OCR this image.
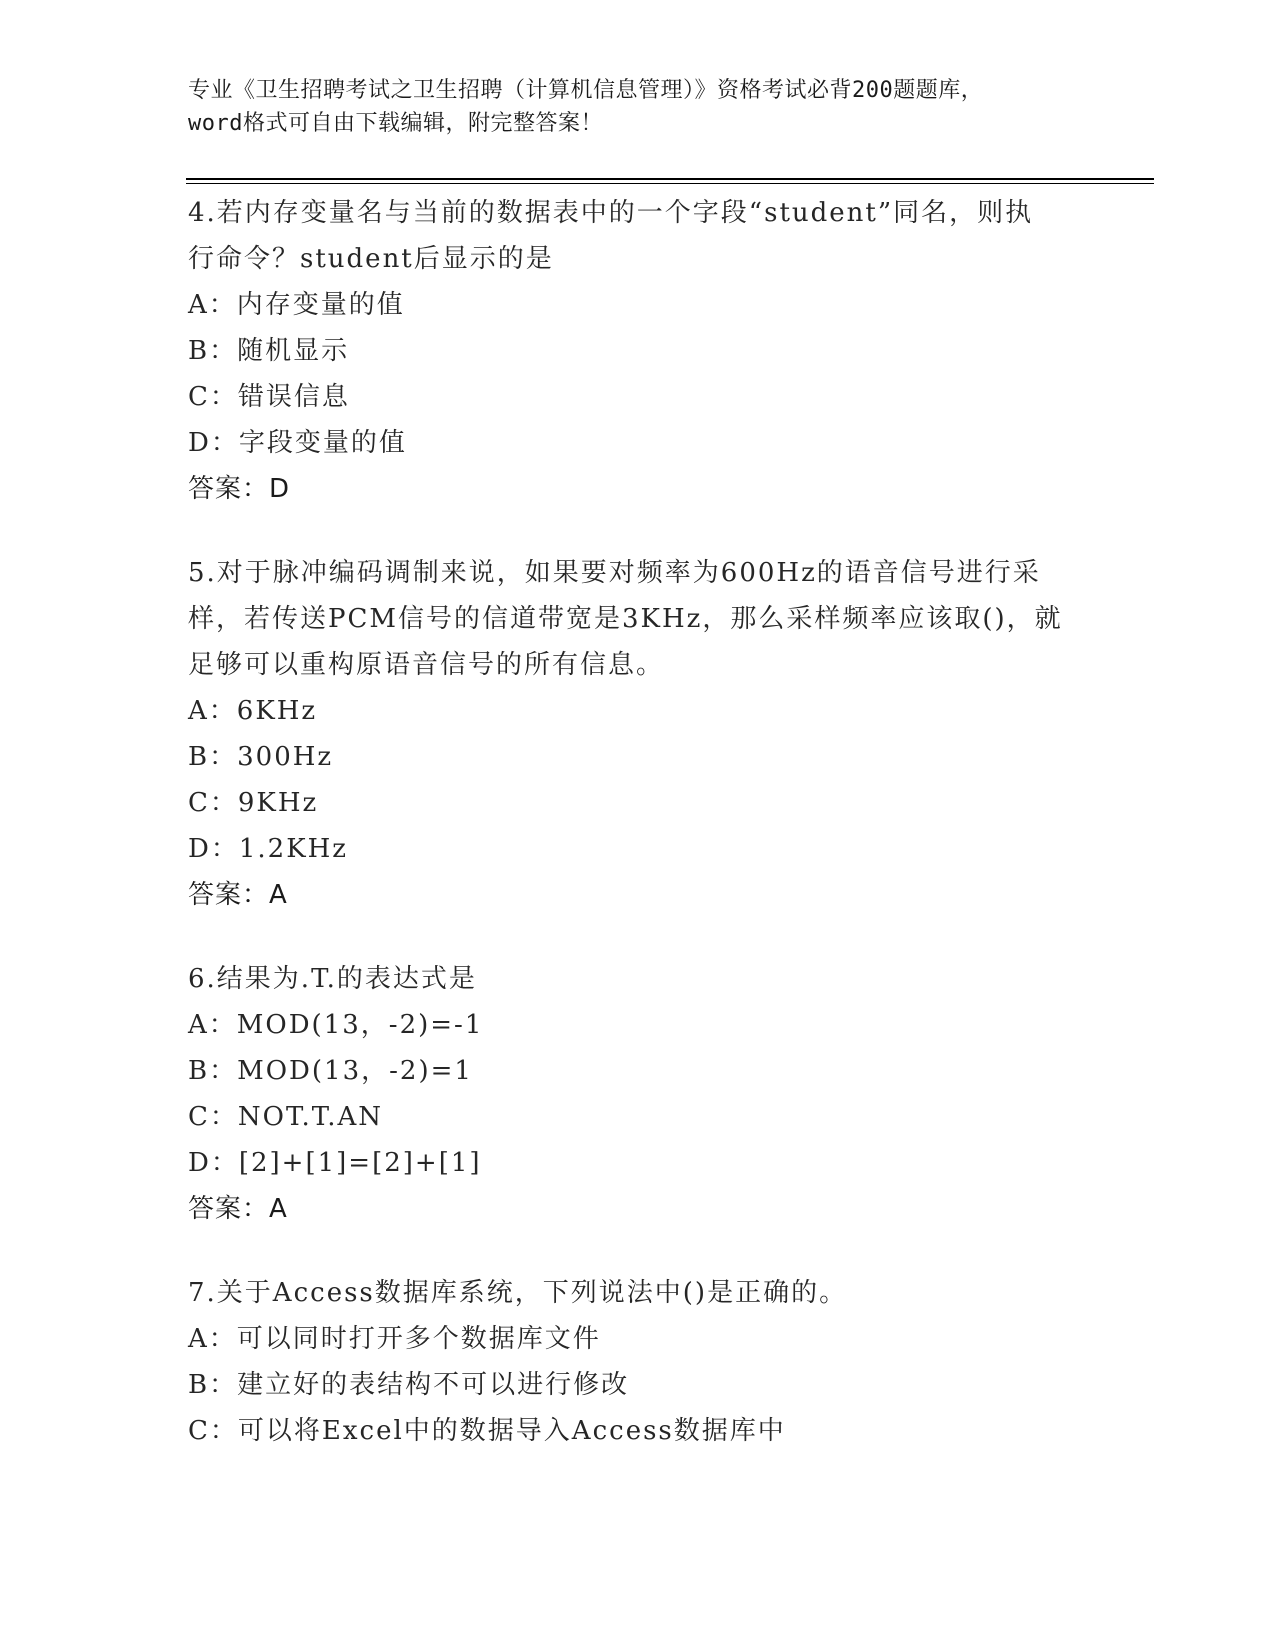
专业《卫生招聘考试之卫生招聘（计算机信息管理）》资格考试必背200题题库，
word格式可自由下载编辑，附完整答案！

4.若内存变量名与当前的数据表中的一个字段“student”同名，则执

行命令？student后显示的是

A：内存变量的值

B：随机显示

C：错误信息

D：字段变量的值

答案：D

5.对于脉冲编码调制来说，如果要对频率为600Hz的语音信号进行采

样，若传送PCM信号的信道带宽是3KHz，那么采样频率应该取()，就

足够可以重构原语音信号的所有信息。

A：6KHz

B：300Hz

C：9KHz

D：1.2KHz

答案：A

6.结果为.T.的表达式是

A：MOD(13，-2)=-1

B：MOD(13，-2)=1

C：NOT.T.AN

D：[2]+[1]=[2]+[1]

答案：A

7.关于Access数据库系统，下列说法中()是正确的。

A：可以同时打开多个数据库文件

B：建立好的表结构不可以进行修改

C：可以将Excel中的数据导入Access数据库中
